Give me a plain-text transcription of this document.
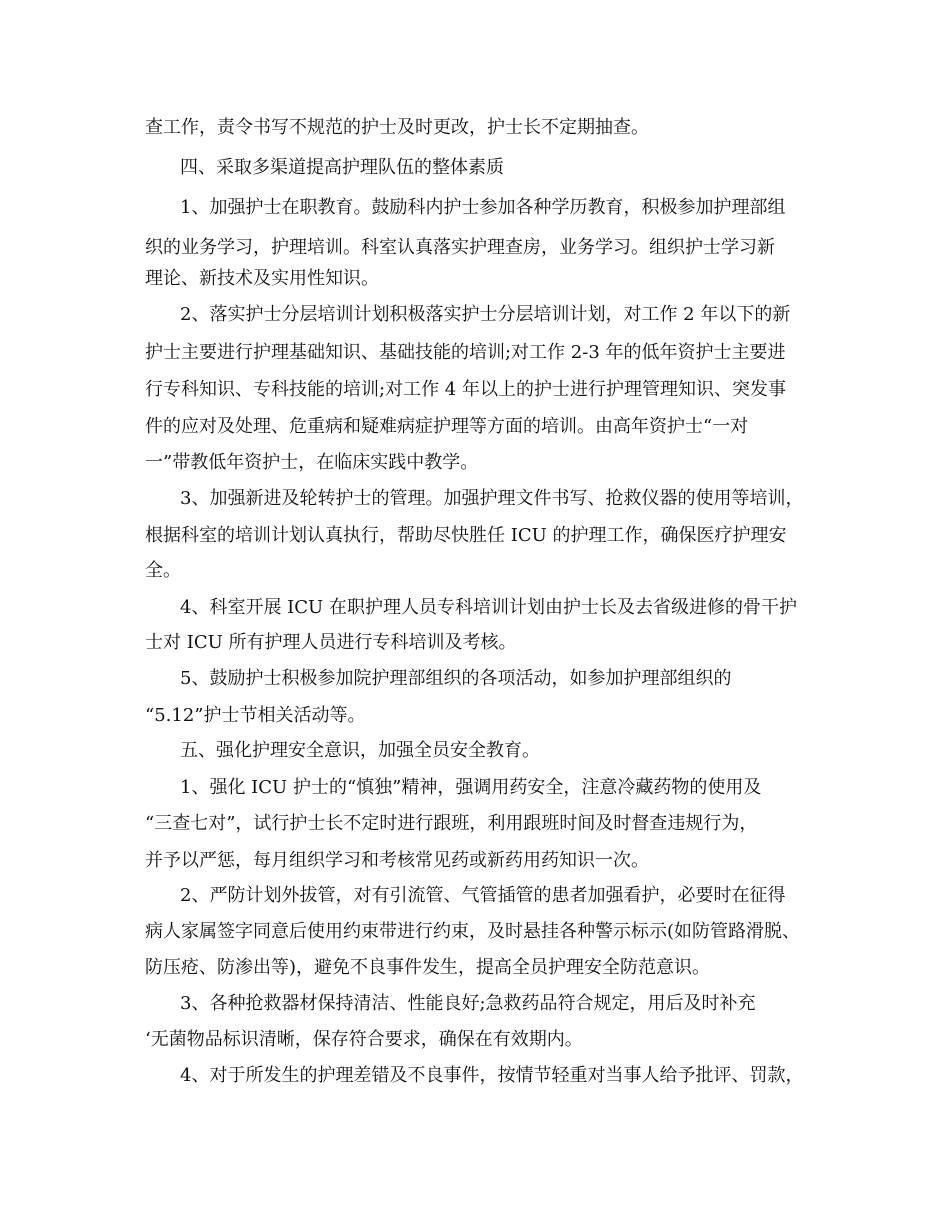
查工作，责令书写不规范的护士及时更改，护士长不定期抽查。
四、采取多渠道提高护理队伍的整体素质
1、加强护士在职教育。鼓励科内护士参加各种学历教育，积极参加护理部组
织的业务学习，护理培训。科室认真落实护理查房，业务学习。组织护士学习新
理论、新技术及实用性知识。
2、落实护士分层培训计划积极落实护士分层培训计划，对工作 2 年以下的新
护士主要进行护理基础知识、基础技能的培训;对工作 2-3 年的低年资护士主要进
行专科知识、专科技能的培训;对工作 4 年以上的护士进行护理管理知识、突发事
件的应对及处理、危重病和疑难病症护理等方面的培训。由高年资护士“一对
一”带教低年资护士，在临床实践中教学。
3、加强新进及轮转护士的管理。加强护理文件书写、抢救仪器的使用等培训，
根据科室的培训计划认真执行，帮助尽快胜任 ICU 的护理工作，确保医疗护理安
全。
4、科室开展 ICU 在职护理人员专科培训计划由护士长及去省级进修的骨干护
士对 ICU 所有护理人员进行专科培训及考核。
5、鼓励护士积极参加院护理部组织的各项活动，如参加护理部组织的
“5.12”护士节相关活动等。
五、强化护理安全意识，加强全员安全教育。
1、强化 ICU 护士的“慎独”精神，强调用药安全，注意冷藏药物的使用及
“三查七对”，试行护士长不定时进行跟班，利用跟班时间及时督查违规行为，
并予以严惩，每月组织学习和考核常见药或新药用药知识一次。
2、严防计划外拔管，对有引流管、气管插管的患者加强看护，必要时在征得
病人家属签字同意后使用约束带进行约束，及时悬挂各种警示标示(如防管路滑脱、
防压疮、防渗出等)，避免不良事件发生，提高全员护理安全防范意识。
3、各种抢救器材保持清洁、性能良好;急救药品符合规定，用后及时补充
‘无菌物品标识清晰，保存符合要求，确保在有效期内。
4、对于所发生的护理差错及不良事件，按情节轻重对当事人给予批评、罚款，
